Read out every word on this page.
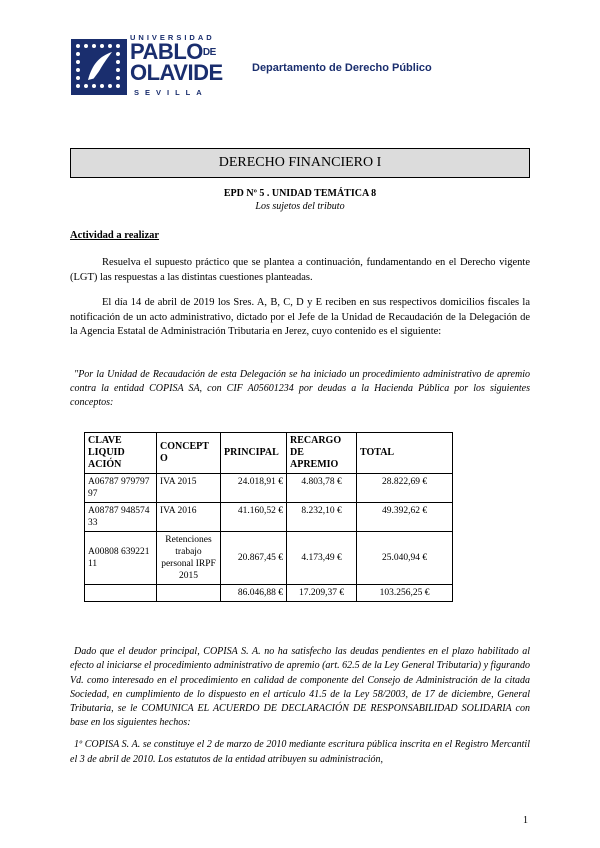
UNIVERSIDAD
PABLODE
OLAVIDE
SEVILLA
Departamento de Derecho Público
DERECHO FINANCIERO I
EPD Nº 5 . UNIDAD TEMÁTICA 8
Los sujetos del tributo
Actividad a realizar

Resuelva el supuesto práctico que se plantea a continuación, fundamentando en el Derecho vigente (LGT) las respuestas a las distintas cuestiones planteadas.

El día 14 de abril de 2019 los Sres. A, B, C, D y E reciben en sus respectivos domicilios fiscales la notificación de un acto administrativo, dictado por el Jefe de la Unidad de Recaudación de la Delegación de la Agencia Estatal de Administración Tributaria en Jerez, cuyo contenido es el siguiente:

"Por la Unidad de Recaudación de esta Delegación se ha iniciado un procedimiento administrativo de apremio contra la entidad COPISA SA, con CIF A05601234 por deudas a la Hacienda Pública por los siguientes conceptos:

CLAVE LIQUID ACIÓN	CONCEPT O	PRINCIPAL	RECARGO DE APREMIO	TOTAL
A06787 979797 97	IVA 2015	24.018,91 €	4.803,78 €	28.822,69 €
A08787 948574 33	IVA 2016	41.160,52 €	8.232,10 €	49.392,62 €
A00808 639221 11	Retenciones trabajo personal IRPF 2015	20.867,45 €	4.173,49 €	25.040,94 €
		86.046,88 €	17.209,37 €	103.256,25 €

Dado que el deudor principal, COPISA S. A. no ha satisfecho las deudas pendientes en el plazo habilitado al efecto al iniciarse el procedimiento administrativo de apremio (art. 62.5 de la Ley General Tributaria) y figurando Vd. como interesado en el procedimiento en calidad de componente del Consejo de Administración de la citada Sociedad, en cumplimiento de lo dispuesto en el artículo 41.5 de la Ley 58/2003, de 17 de diciembre, General Tributaria, se le COMUNICA EL ACUERDO DE DECLARACIÓN DE RESPONSABILIDAD SOLIDARIA con base en los siguientes hechos:

1º COPISA S. A. se constituye el 2 de marzo de 2010 mediante escritura pública inscrita en el Registro Mercantil el 3 de abril de 2010. Los estatutos de la entidad atribuyen su administración,

1
